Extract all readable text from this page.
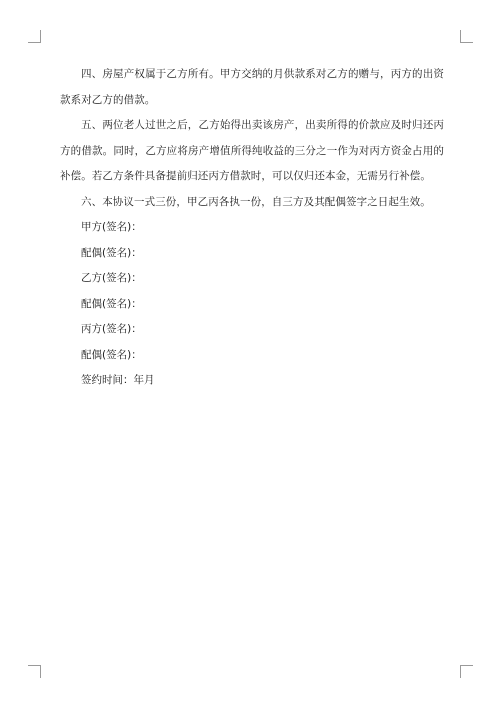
四、房屋产权属于乙方所有。甲方交纳的月供款系对乙方的赠与，丙方的出资款系对乙方的借款。

五、两位老人过世之后，乙方始得出卖该房产，出卖所得的价款应及时归还丙方的借款。同时，乙方应将房产增值所得纯收益的三分之一作为对丙方资金占用的补偿。若乙方条件具备提前归还丙方借款时，可以仅归还本金，无需另行补偿。

六、本协议一式三份，甲乙丙各执一份，自三方及其配偶签字之日起生效。

甲方(签名)：

配偶(签名)：

乙方(签名)：

配偶(签名)：

丙方(签名)：

配偶(签名)：

签约时间：年月
